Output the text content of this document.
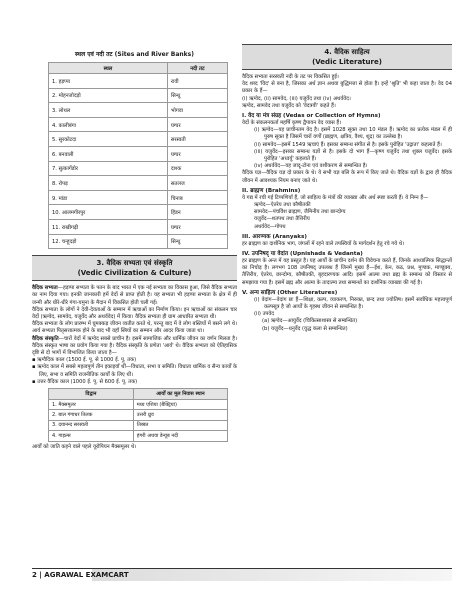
स्थल एवं नदी तट (Sites and River Banks)
स्थल	नदी तट
1. हड़प्पा	रावी
2. मोहनजोदड़ो	सिन्धु
3. लोथल	भोगवा
4. कालीबंगा	घग्घर
5. सुरकोटदा	सरस्वती
6. बनवाली	घग्घर
7. सुत्कागेंडोर	दाश्क
8. रोपड़	सतलज
9. मांडा	चिनाब
10. आलमगीरपुर	हिंडन
11. राखीगढ़ी	घग्घर
12. चन्हूदड़ो	सिन्धु
3. वैदिक सभ्यता एवं संस्कृति
(Vedic Civilization & Culture)
वैदिक सभ्यता—हड़प्पा सभ्यता के पतन के बाद भारत में एक नई सभ्यता का विकास हुआ, जिसे वैदिक सभ्यता का नाम दिया गया। इनकी जानकारी हमें वेदों से प्राप्त होती है। यह सभ्यता भी हड़प्पा सभ्यता के क्षेत्र में ही जन्मी और धीरे-धीरे गंगा-यमुना के मैदान में विकसित होती चली गई।
वैदिक सभ्यता के लोगों ने देवी-देवताओं के सम्मान में ऋचाओं का निर्माण किया। इन ऋचाओं का संकलन चार वेदों (ऋग्वेद, सामवेद, यजुर्वेद और अथर्ववेद) में किया। वैदिक सभ्यता ही ग्राम आधारित सभ्यता थी।
वैदिक सभ्यता के लोग प्रारम्भ में घुमक्कड़ जीवन व्यतीत करते थे, परन्तु बाद में वे लोग बस्तियों में बसने लगे थे। आर्य सभ्यता पितृसत्तात्मक होने के बाद भी वहाँ स्त्रियों का सम्मान और आदर किया जाता था।
वैदिक संस्कृति—चारों वेदों में ऋग्वेद सबसे प्राचीन है। इसमें सामाजिक और धार्मिक जीवन का वर्णन मिलता है। वैदिक संस्कृत भाषा का प्रयोग किया गया है। वैदिक संस्कृति के प्रणेता 'आर्य' थे। वैदिक सभ्यता को ऐतिहासिक दृष्टि से दो भागों में विभाजित किया जाता है—
▪ ऋग्वैदिक काल (1500 ई. पू. से 1000 ई. पू. तक)
▪ ऋग्वेद काल में सबसे महत्वपूर्ण तीन इकाइयाँ थीं—विधाता, सभा व समिति। विधाता धार्मिक व सैन्य कार्यों के लिए, सभा व समिति राजनीतिक कार्यों के लिए थीं।
▪ उत्तर वैदिक काल (1000 ई. पू. से 600 ई. पू. तक)
विद्वान	आर्यों का मूल निवास स्थान
1. मैक्समूलर	मध्य एशिया (बैक्ट्रिया)
2. बाल गंगाधर तिलक	उत्तरी ध्रुव
3. दयानन्द सरस्वती	तिब्बत
4. गाइल्स	हंगरी अथवा डेन्यूब नदी
आर्यों को जाति कहने वाले पहले यूरोपियन मैक्समूलर थे।
4. वैदिक साहित्य
(Vedic Literature)
वैदिक सभ्यता सरस्वती नदी के तट पर विकसित हुई।
वेद शब्द 'विद' से बना है, जिसका अर्थ ज्ञान अथवा बुद्धिमत्ता से होता है। इन्हें 'श्रुति' भी कहा जाता है। वेद 04 प्रकार के हैं—
(i) ऋग्वेद, (ii) सामवेद, (iii) यजुर्वेद तथा (iv) अथर्ववेद।
ऋग्वेद, सामवेद तथा यजुर्वेद को 'वेदत्रयी' कहते हैं।
I. वेद या मंत्र संग्रह (Vedas or Collection of Hymns)
वेदों के संकलनकर्ता महर्षि कृष्ण द्वैपायन वेद व्यास हैं।
(i) ऋग्वेद—यह प्राचीनतम वेद है। इसमें 1028 सूक्त तथा 10 मंडल हैं। ऋग्वेद का प्रत्येक मंडल में ही पुरुष सूक्त है जिसमें चारों वर्णों (ब्राह्मण, क्षत्रिय, वैश्य, शूद्र) का उल्लेख है।
(ii) सामवेद—इसमें 1549 ऋचाएं हैं। इसका सम्बन्ध संगीत से है। इसके पुरोहित 'उद्गाता' कहलाते हैं।
(iii) यजुर्वेद—इसका सम्बन्ध यज्ञों से है। इसके दो भाग हैं—कृष्ण यजुर्वेद तथा शुक्ल यजुर्वेद। इसके पुरोहित 'अध्वर्यु' कहलाते हैं।
(iv) अथर्ववेद—यह जादू-टोना एवं वशीकरण से सम्बन्धित है।
वैदिक यज्ञ—वैदिक यज्ञ दो प्रकार के थे। ये सभी यज्ञ बलि के रूप में किए जाते थे। वैदिक यज्ञों के द्वारा ही वैदिक जीवन में आवश्यक नियम बनाए जाते थे।
II. ब्राह्मण (Brahmins)
ये गद्य में रची गई टिप्पणियाँ हैं, जो साहित्य के मंत्रों की व्याख्या और अर्थ स्पष्ट करती हैं। ये निम्न हैं—
ऋग्वेद—ऐतरेय तथा कौषीतकी
सामवेद—पंचविंश ब्राह्मण, जैमिनीय तथा छान्दोग्य
यजुर्वेद—शतपथ तथा तैत्तिरीय
अथर्ववेद—गोपथ
III. आरण्यक (Aranyaks)
हर ब्राह्मण का दार्शनिक भाग, जंगलों में रहने वाले तपस्वियों के मार्गदर्शन हेतु रचे गये थे।
IV. उपनिषद् या वेदांत (Upnishads & Vedanta)
हर ब्राह्मण के अन्त में यह प्रस्तुत है। यह आर्यों के प्राचीन दर्शन की विवेचना करते हैं, जिनके आध्यात्मिक सिद्धान्तों का निचोड़ है। लगभग 108 उपनिषद् उपलब्ध हैं जिनमें मुख्य हैं—ईश, केन, कठ, प्रश्न, मुण्डक, माण्डूक्य, तैत्तिरीय, ऐतरेय, छान्दोग्य, कौषीतकी, बृहदारण्यक आदि। इसमें आत्मा तथा ब्रह्म के सम्बन्ध को विस्तार से समझाया गया है। इसमें ब्रह्म और आत्मा के तादात्म्य तथा सम्बन्धों का दार्शनिक व्याख्या की गई है।
V. अन्य साहित्य (Other Literatures)
(i) वेदांग—वेदांग छः हैं—शिक्षा, कल्प, व्याकरण, निरुक्त, छन्द तथा ज्योतिष। इसमें सर्वाधिक महत्त्वपूर्ण कल्पसूत्र है जो आर्यों के गृहस्थ जीवन से सम्बन्धित है।
(ii) उपवेद
(a) ऋग्वेद—आयुर्वेद (चिकित्साशास्त्र से सम्बन्धित)
(b) यजुर्वेद—धनुर्वेद (युद्ध कला से सम्बन्धित)
2 | AGRAWAL EXAMCART
